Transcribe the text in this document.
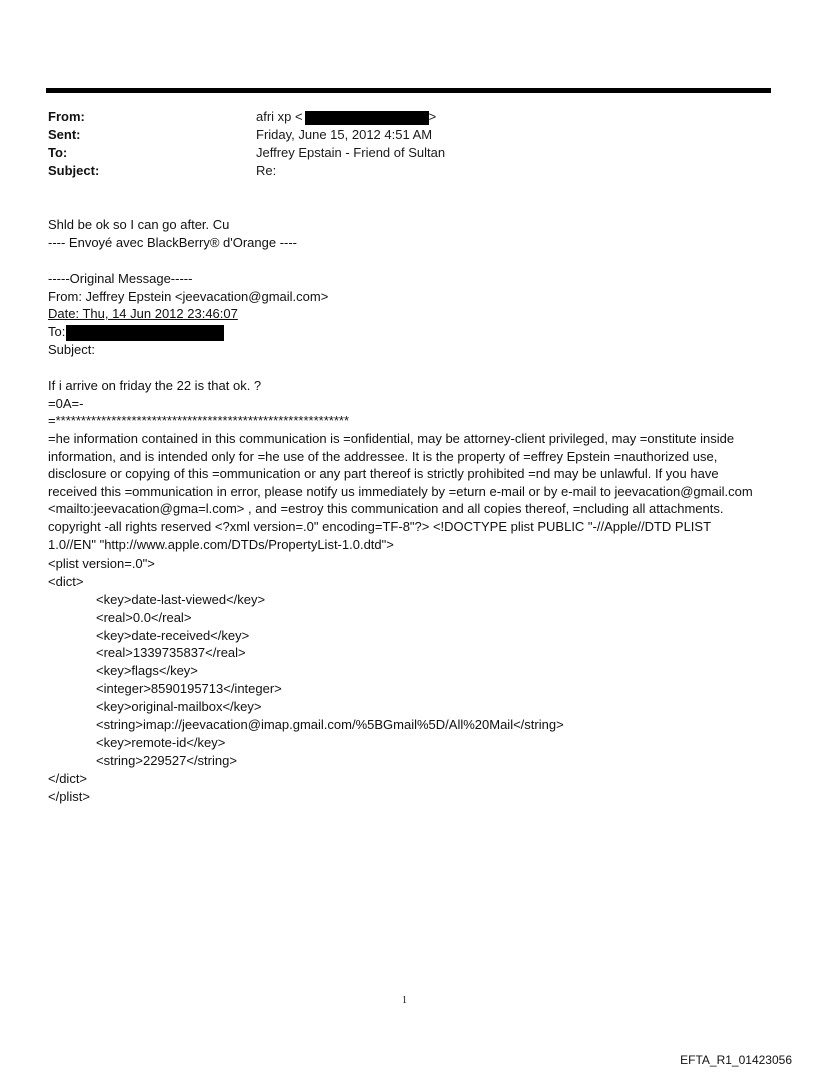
From:	afri xp <	>
Sent:	Friday, June 15, 2012 4:51 AM
To:	Jeffrey Epstain - Friend of Sultan
Subject:	Re:
Shld be ok so I can go after. Cu
---- Envoyé avec BlackBerry® d'Orange ----
-----Original Message-----
From: Jeffrey Epstein <jeevacation@gmail.com>
Date: Thu, 14 Jun 2012 23:46:07
To:
Subject:
If i arrive on friday the 22 is that ok. ?
=0A=-
=**********************************************************
=he information contained in this communication is =onfidential, may be attorney-client privileged, may =onstitute inside information, and is intended only for =he use of the addressee. It is the property of =effrey Epstein =nauthorized use, disclosure or copying of this =ommunication or any part thereof is strictly prohibited =nd may be unlawful. If you have received this =ommunication in error, please notify us immediately by =eturn e-mail or by e-mail to jeevacation@gmail.com <mailto:jeevacation@gma=l.com> , and =estroy this communication and all copies thereof, =ncluding all attachments. copyright -all rights reserved <?xml version=.0" encoding=TF-8"?> <!DOCTYPE plist PUBLIC "-//Apple//DTD PLIST 1.0//EN" "http://www.apple.com/DTDs/PropertyList-1.0.dtd">
<plist version=.0">
<dict>
<key>date-last-viewed</key>
<real>0.0</real>
<key>date-received</key>
<real>1339735837</real>
<key>flags</key>
<integer>8590195713</integer>
<key>original-mailbox</key>
<string>imap://jeevacation@imap.gmail.com/%5BGmail%5D/All%20Mail</string>
<key>remote-id</key>
<string>229527</string>
</dict>
</plist>
1
EFTA_R1_01423056
